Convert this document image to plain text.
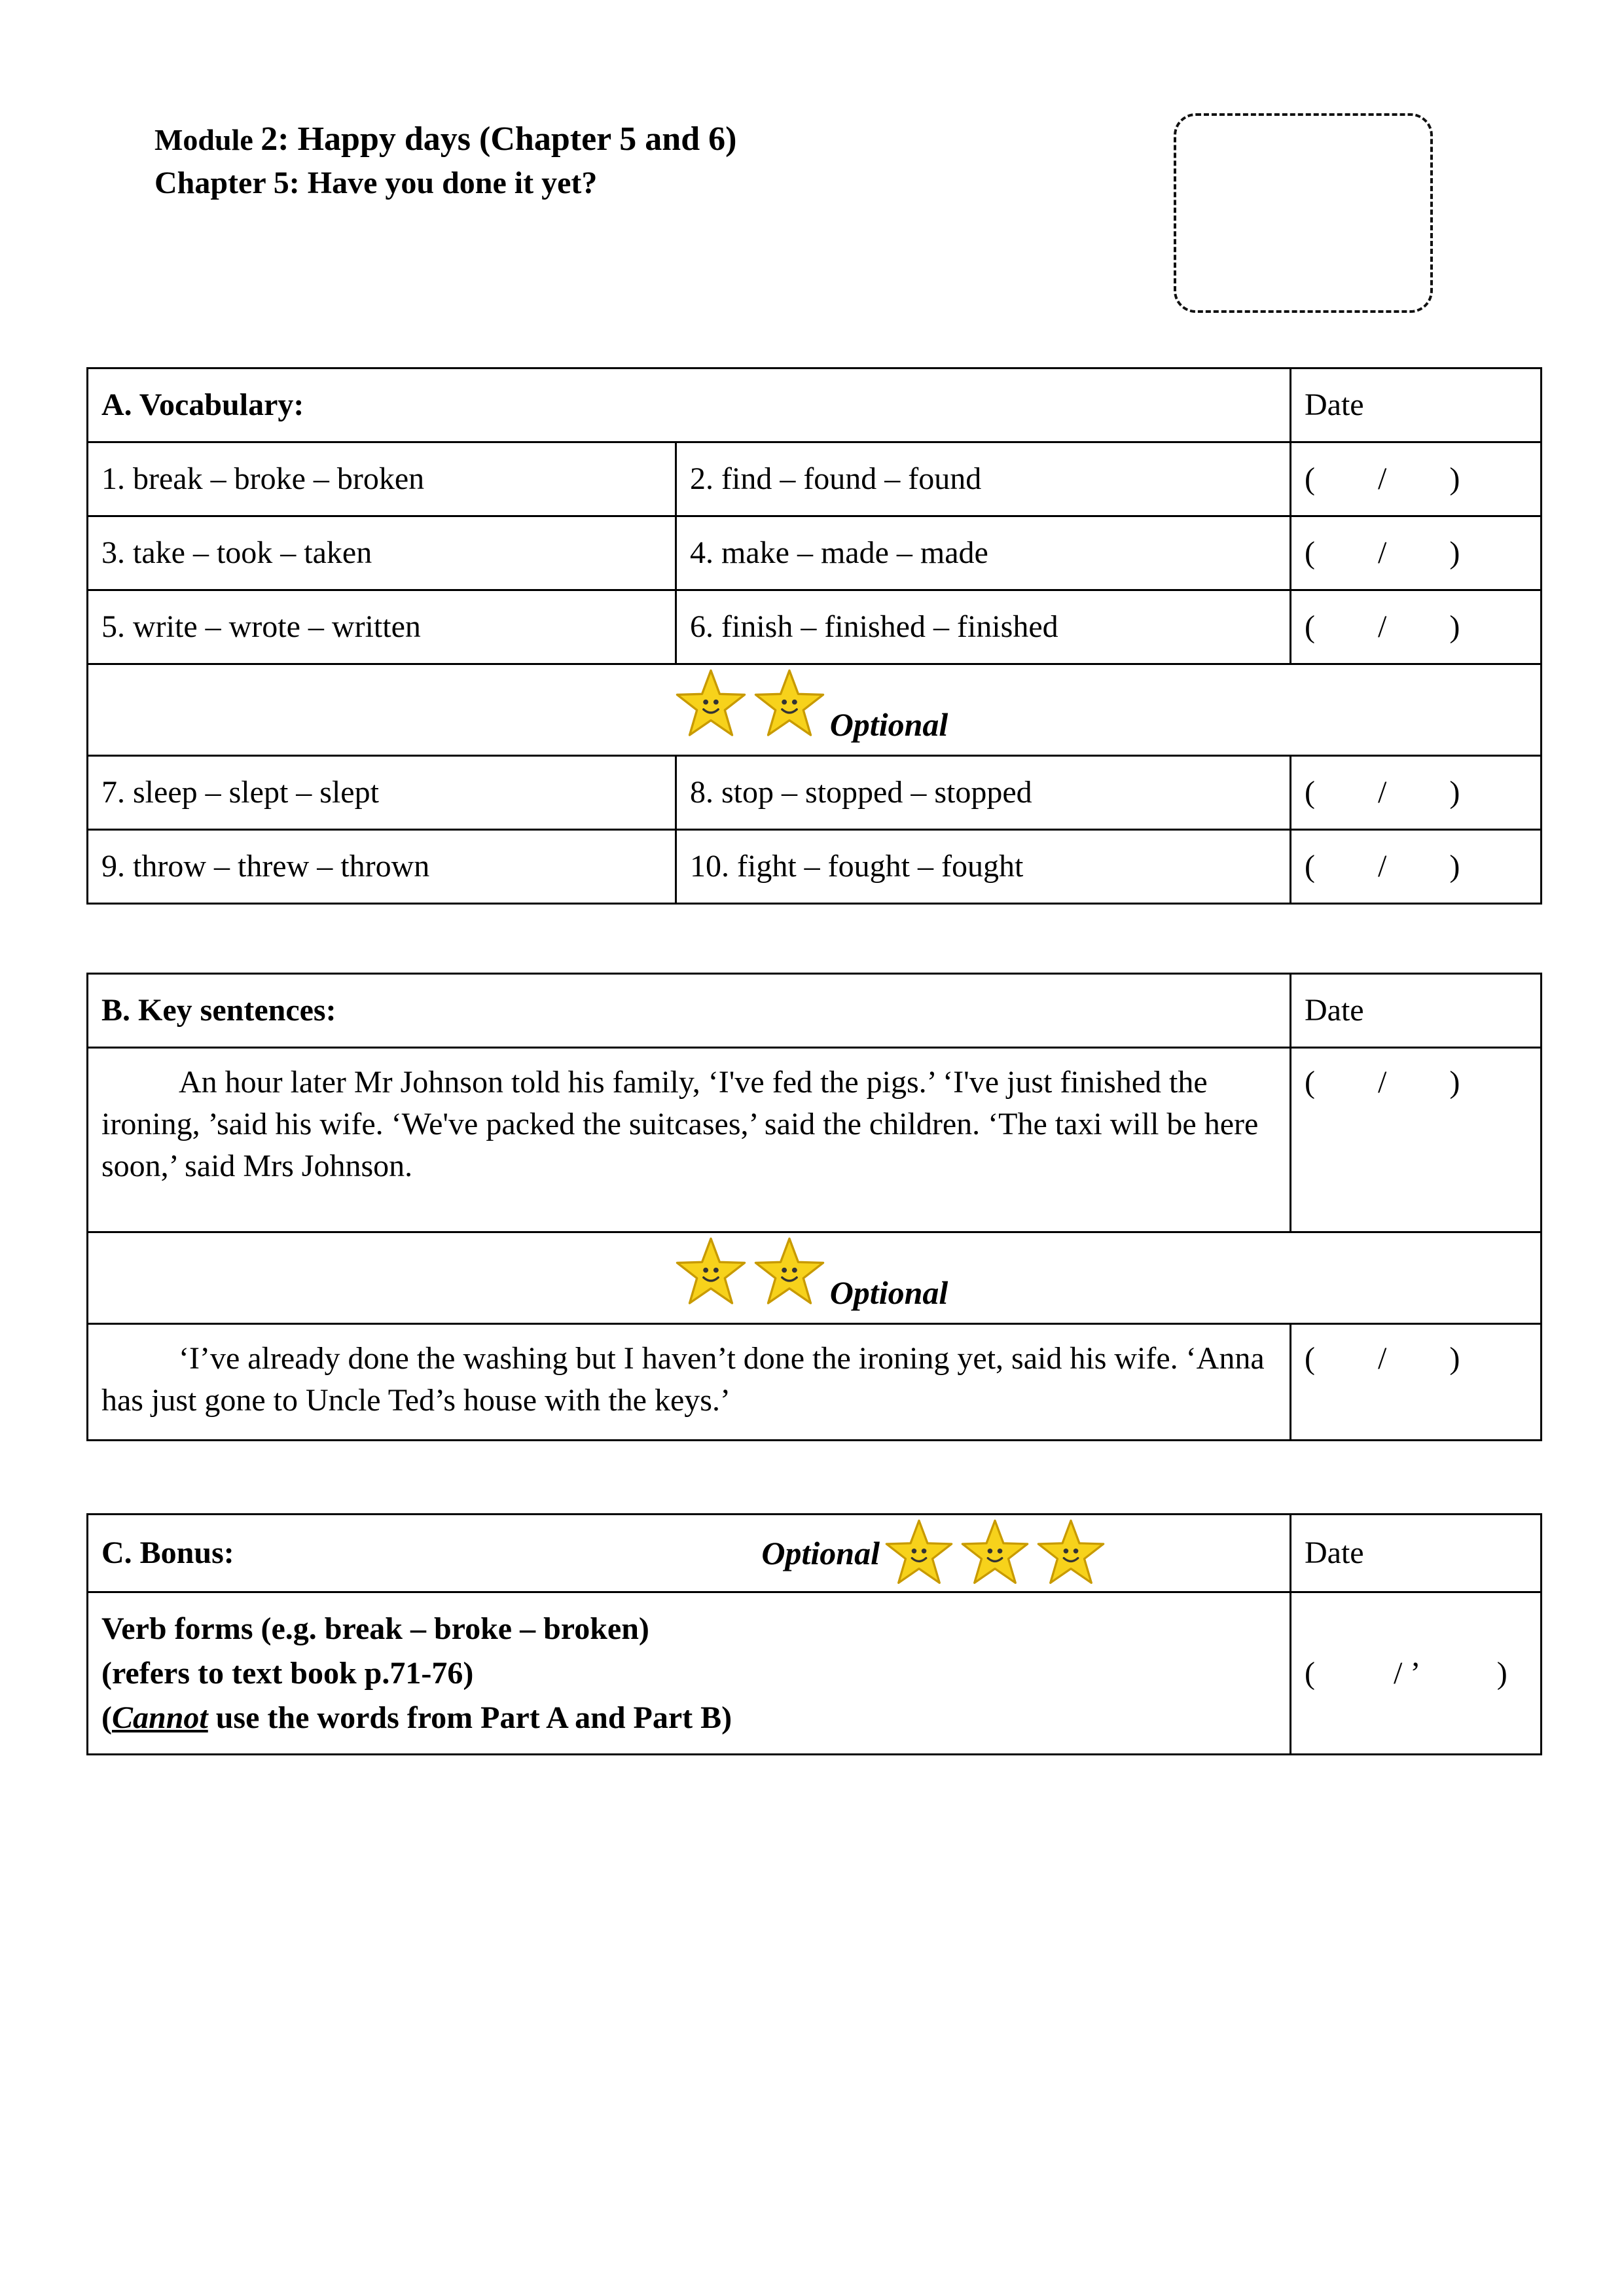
Module 2: Happy days (Chapter 5 and 6)
Chapter 5: Have you done it yet?
A. Vocabulary:		Date
1. break – broke – broken	2. find – found – found	(        /        )
3. take – took – taken	4. make – made – made	(        /        )
5. write – wrote – written	6. finish – finished – finished	(        /        )

Optional		

7. sleep – slept – slept	8. stop – stopped – stopped	(        /        )
9. throw – threw – thrown	10. fight – fought – fought	(        /        )
B. Key sentences:	Date
An hour later Mr Johnson told his family, ‘I've fed the pigs.’ ‘I've just finished the ironing, ’said his wife. ‘We've packed the suitcases,’ said the children. ‘The taxi will be here soon,’ said Mrs Johnson.	(        /        )

Optional	

‘I’ve already done the washing but I haven’t done the ironing yet, said his wife. ‘Anna has just gone to Uncle Ted’s house with the keys.’	(        /        )
C. Bonus: Optional	Date

Verb forms (e.g. break – broke – broken)
(refers to text book p.71-76)
(Cannot use the words from Part A and Part B)	(          / ’          )
